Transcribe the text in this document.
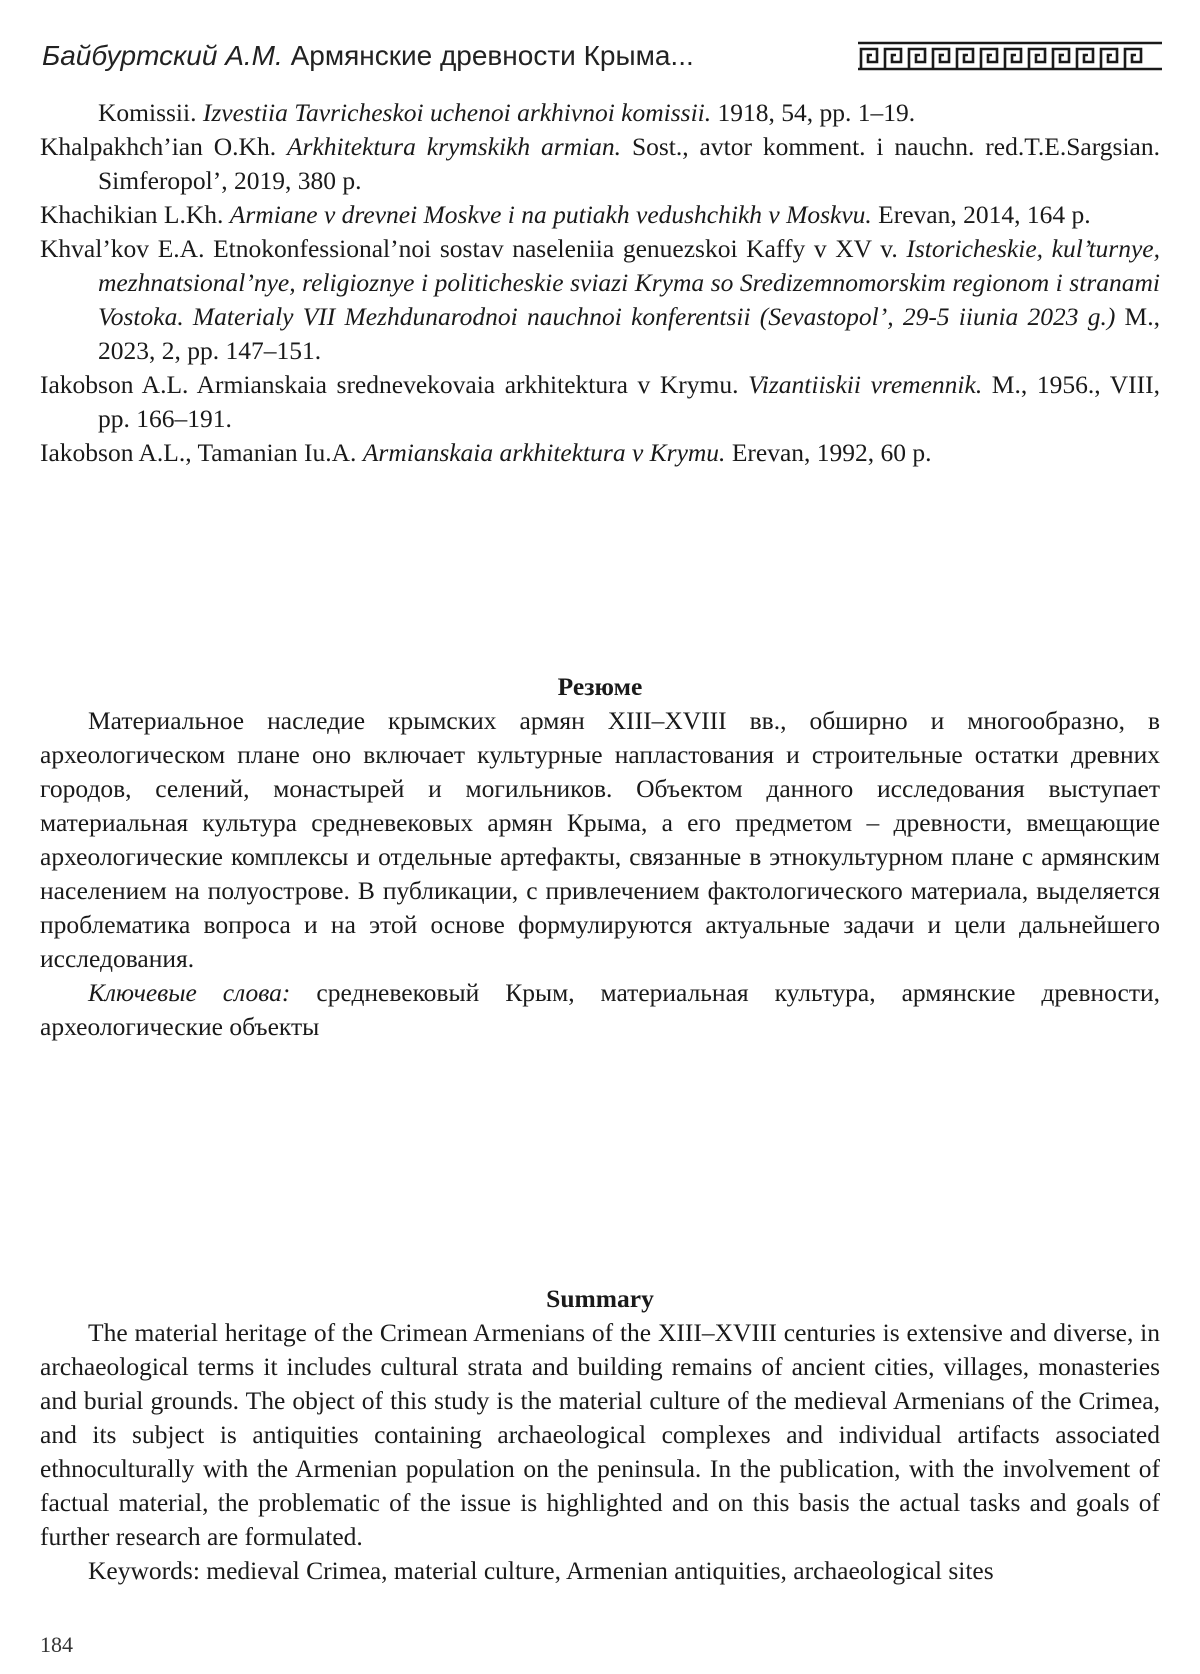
Байбуртский А.М. Армянские древности Крыма...

Komissii. Izvestiia Tavricheskoi uchenoi arkhivnoi komissii. 1918, 54, pp. 1–19.

Khalpakhch’ian O.Kh. Arkhitektura krymskikh armian. Sost., avtor komment. i nauchn. red.T.E.Sargsian. Simferopol’, 2019, 380 p.

Khachikian L.Kh. Armiane v drevnei Moskve i na putiakh vedushchikh v Moskvu. Erevan, 2014, 164 p.

Khval’kov E.A. Etnokonfessional’noi sostav naseleniia genuezskoi Kaffy v XV v. Istoricheskie, kul’turnye, mezhnatsional’nye, religioznye i politicheskie sviazi Kryma so Sredizemnomorskim regionom i stranami Vostoka. Materialy VII Mezhdunarodnoi nauchnoi konferentsii (Sevastopol’, 29-5 iiunia 2023 g.) M., 2023, 2, pp. 147–151.

Iakobson A.L. Armianskaia srednevekovaia arkhitektura v Krymu. Vizantiiskii vremennik. M., 1956., VIII, pp. 166–191.

Iakobson A.L., Tamanian Iu.A. Armianskaia arkhitektura v Krymu. Erevan, 1992, 60 p.

Резюме

Материальное наследие крымских армян XIII–XVIII вв., обширно и многообразно, в археологическом плане оно включает культурные напластования и строительные остатки древних городов, селений, монастырей и могильников. Объектом данного исследования выступает материальная культура средневековых армян Крыма, а его предметом – древности, вмещающие археологические комплексы и отдельные артефакты, связанные в этнокультурном плане с армянским населением на полуострове. В публикации, с привлечением фактологического материала, выделяется проблематика вопроса и на этой основе формулируются актуальные задачи и цели дальнейшего исследования.

Ключевые слова: средневековый Крым, материальная культура, армянские древности, археологические объекты

Summary

The material heritage of the Crimean Armenians of the XIII–XVIII centuries is extensive and diverse, in archaeological terms it includes cultural strata and building remains of ancient cities, villages, monasteries and burial grounds. The object of this study is the material culture of the medieval Armenians of the Crimea, and its subject is antiquities containing archaeological complexes and individual artifacts associated ethnoculturally with the Armenian population on the peninsula. In the publication, with the involvement of factual material, the problematic of the issue is highlighted and on this basis the actual tasks and goals of further research are formulated.

Keywords: medieval Crimea, material culture, Armenian antiquities, archaeological sites

184
